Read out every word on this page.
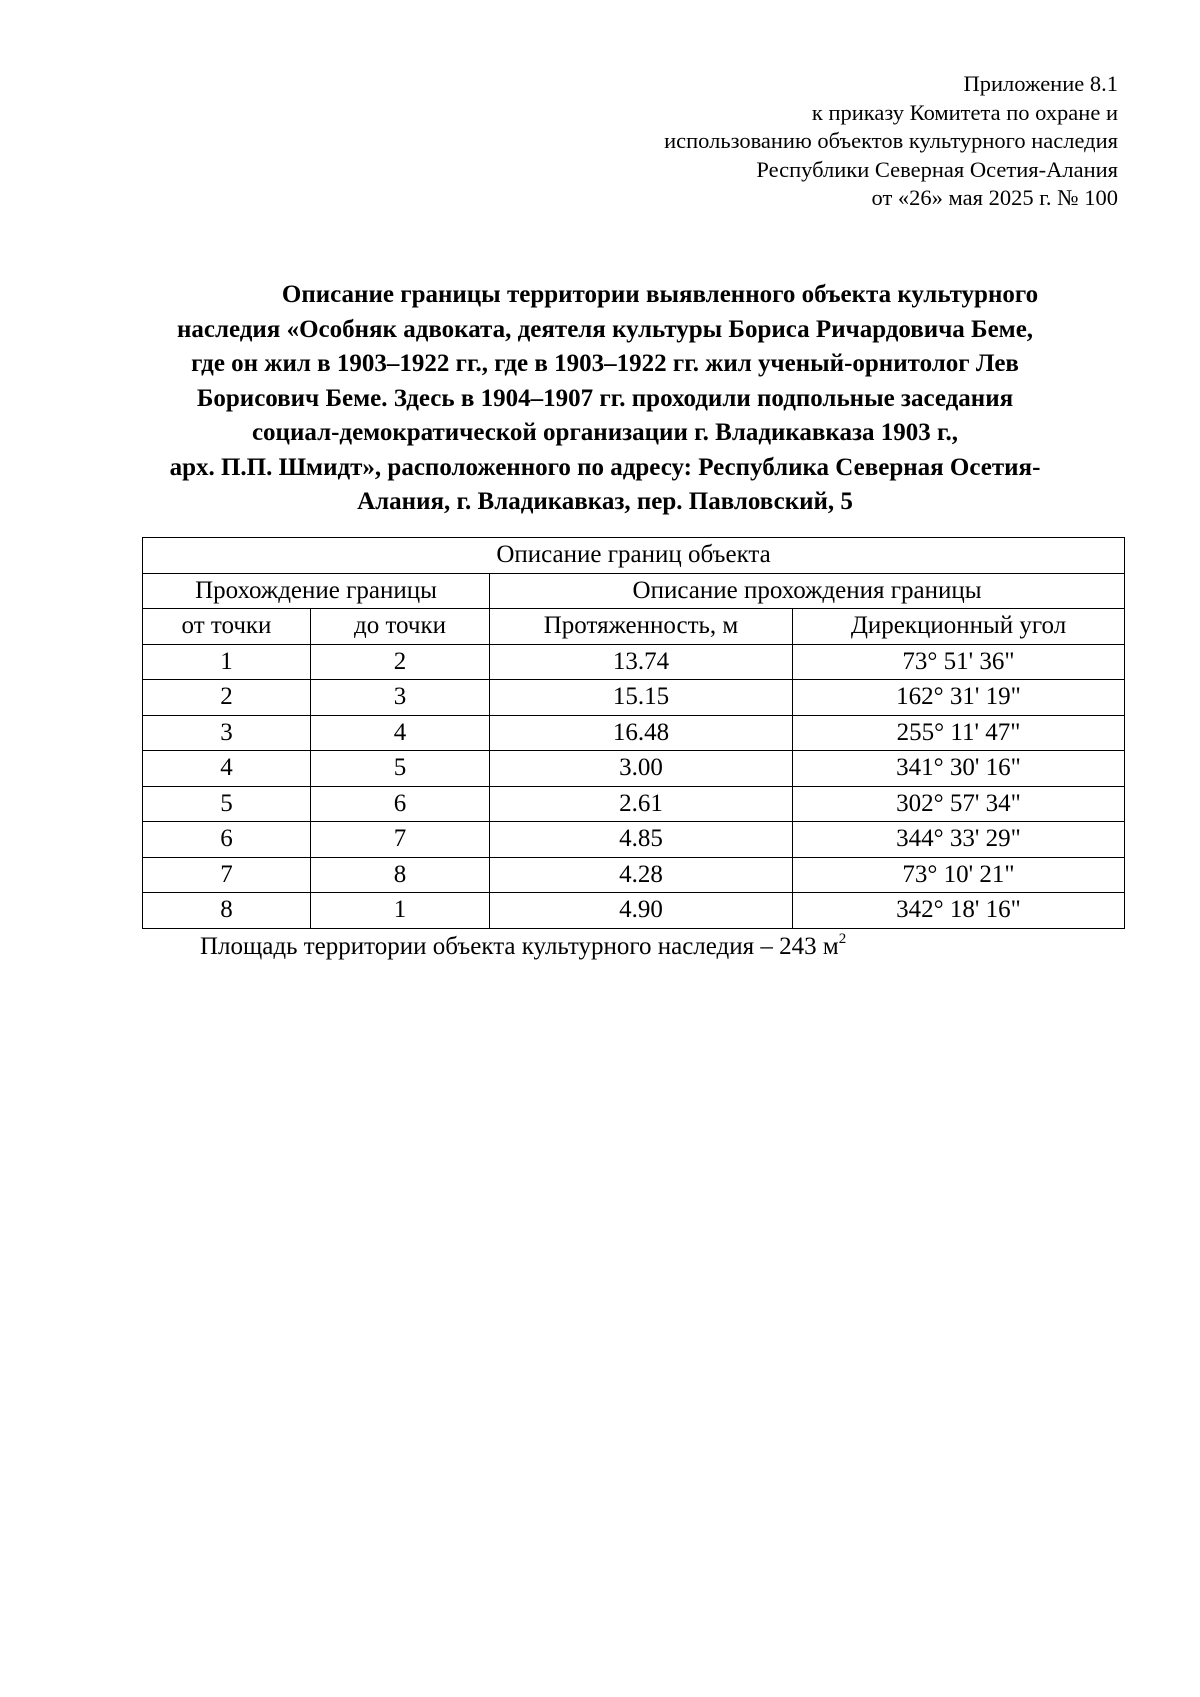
Приложение 8.1
к приказу Комитета по охране и
использованию объектов культурного наследия
Республики Северная Осетия-Алания
от «26» мая 2025 г. № 100
Описание границы территории выявленного объекта культурного
наследия «Особняк адвоката, деятеля культуры Бориса Ричардовича Беме,
где он жил в 1903–1922 гг., где в 1903–1922 гг. жил ученый-орнитолог Лев
Борисович Беме. Здесь в 1904–1907 гг. проходили подпольные заседания
социал-демократической организации г. Владикавказа 1903 г.,
арх. П.П. Шмидт», расположенного по адресу: Республика Северная Осетия-
Алания, г. Владикавказ, пер. Павловский, 5
Описание границ объекта			
Прохождение границы		Описание прохождения границы	
от точки	до точки	Протяженность, м	Дирекционный угол
1	2	13.74	73° 51' 36"
2	3	15.15	162° 31' 19"
3	4	16.48	255° 11' 47"
4	5	3.00	341° 30' 16"
5	6	2.61	302° 57' 34"
6	7	4.85	344° 33' 29"
7	8	4.28	73° 10' 21"
8	1	4.90	342° 18' 16"
Площадь территории объекта культурного наследия – 243 $м^2$
